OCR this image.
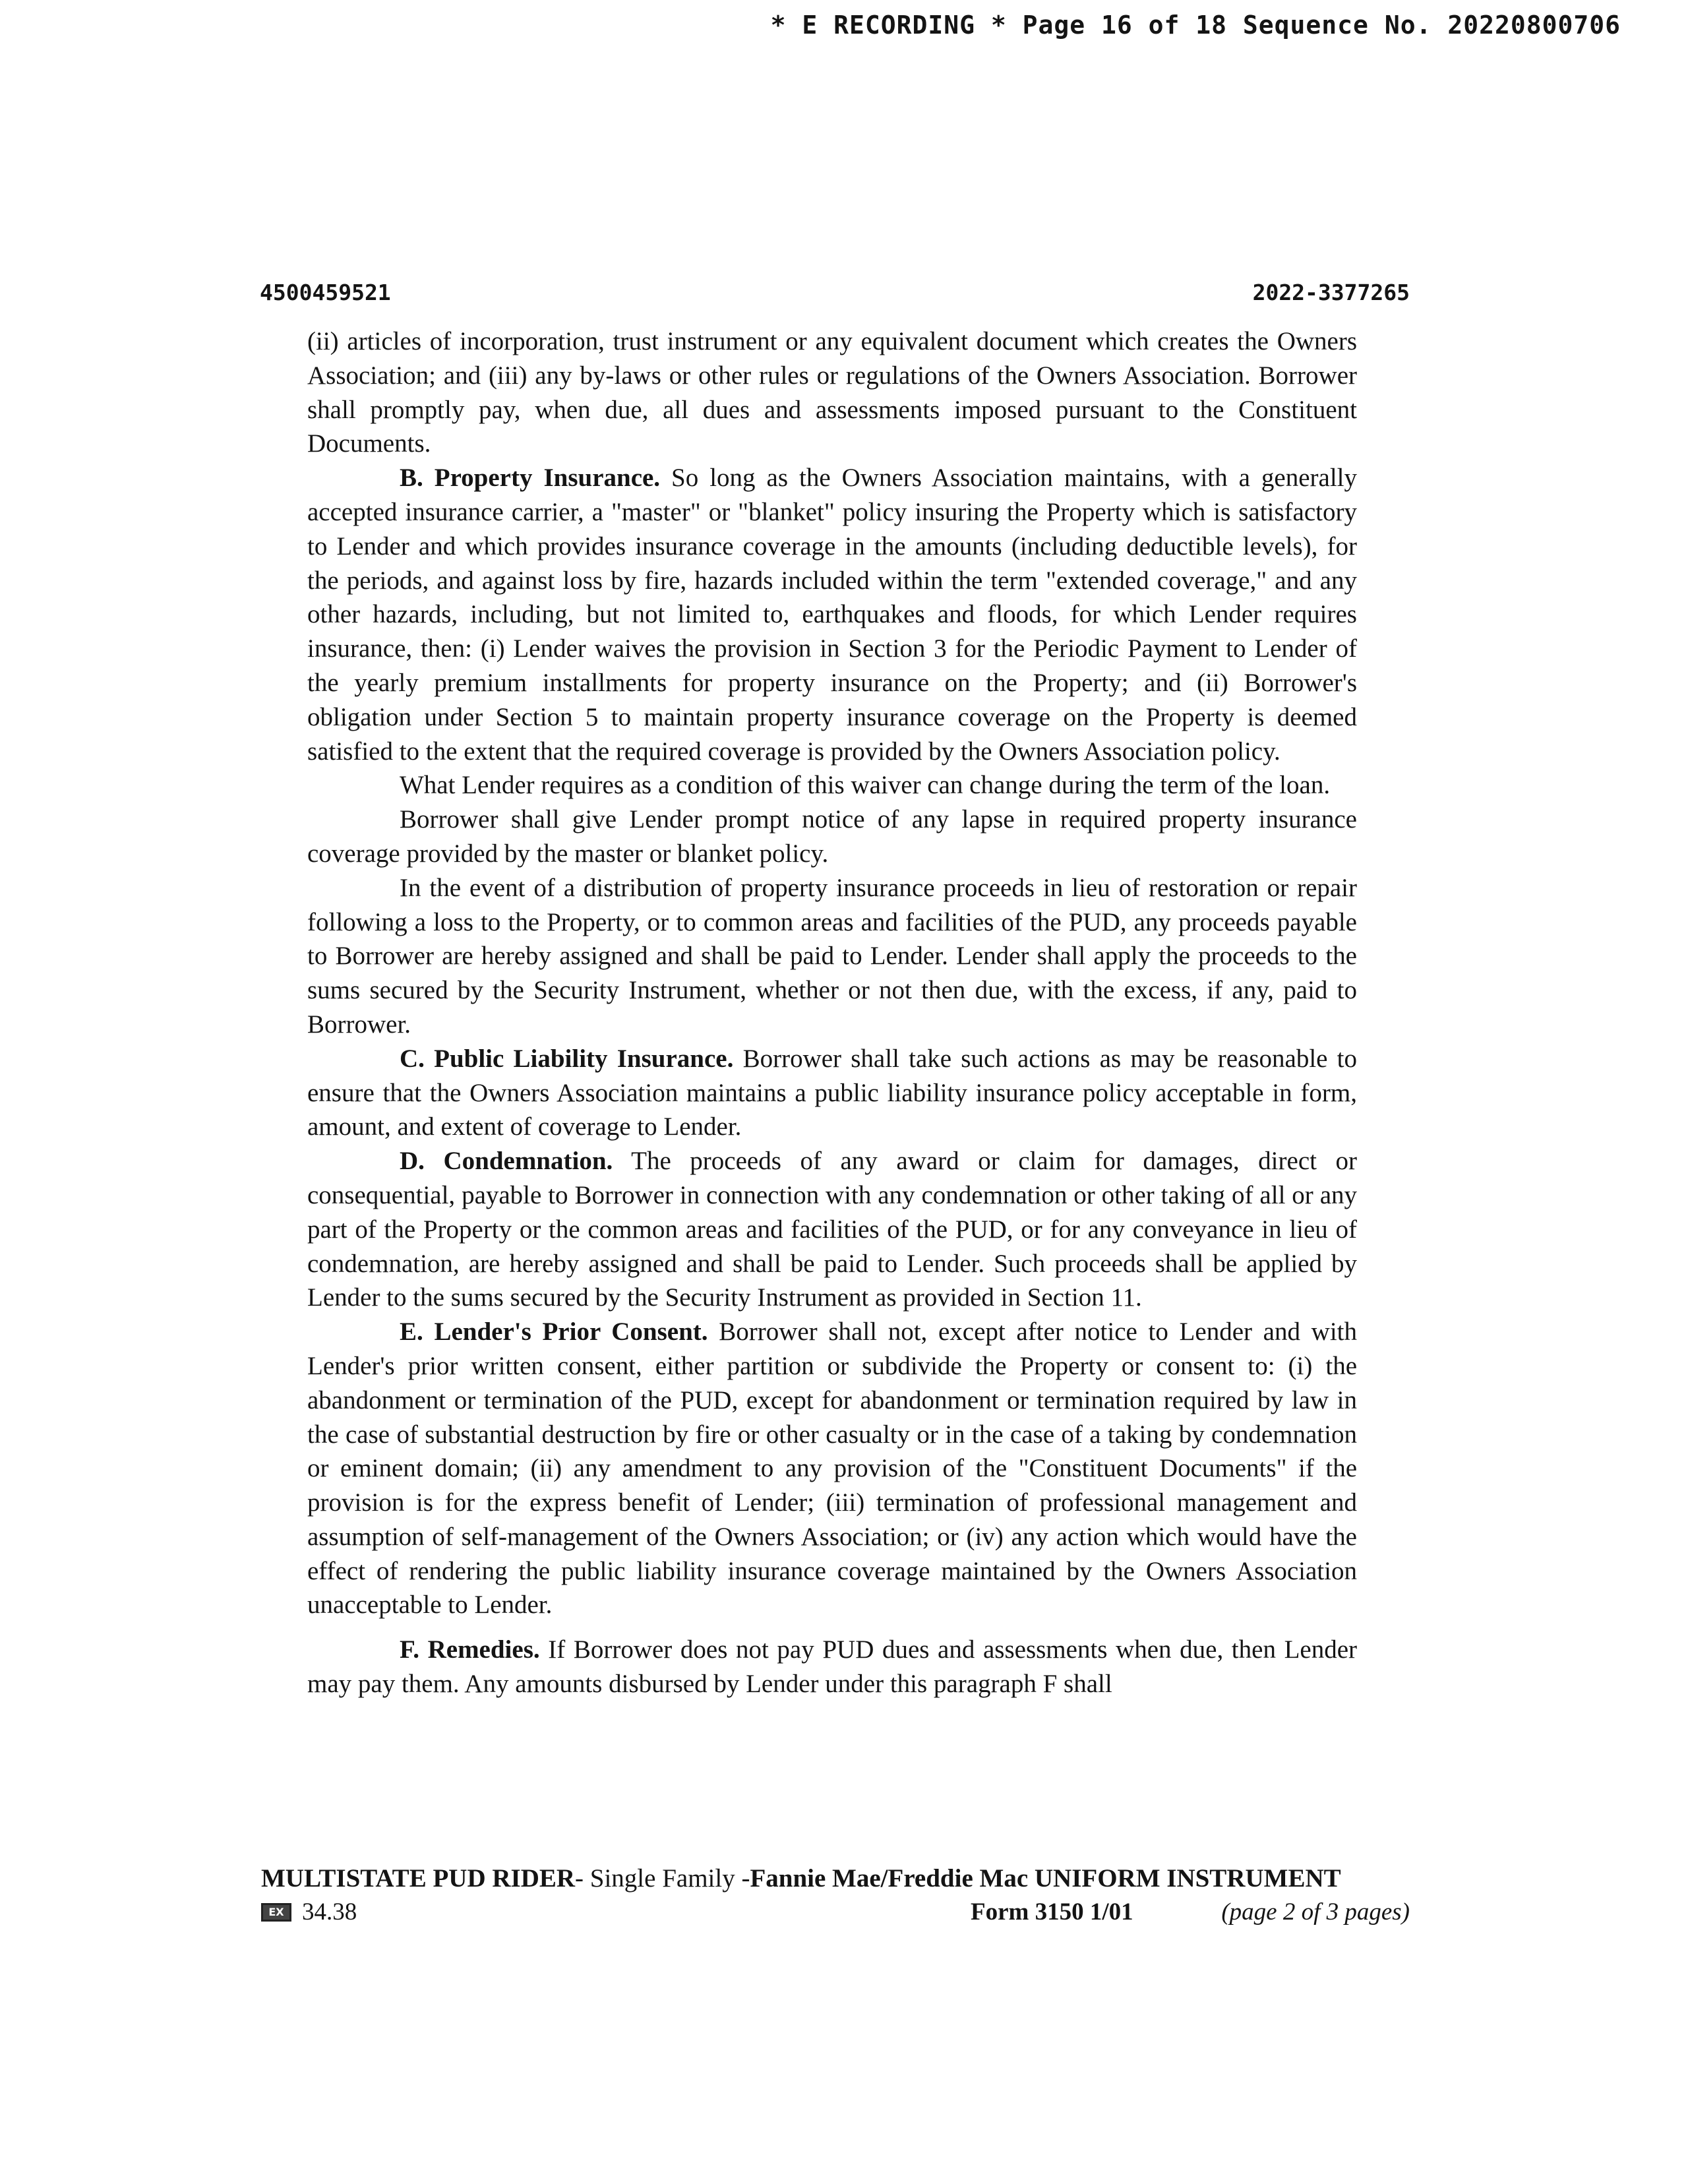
* E RECORDING * Page 16 of 18 Sequence No. 20220800706
4500459521	2022-3377265

(ii) articles of incorporation, trust instrument or any equivalent document which creates the Owners Association; and (iii) any by-laws or other rules or regulations of the Owners Association. Borrower shall promptly pay, when due, all dues and assessments imposed pursuant to the Constituent Documents.

B. Property Insurance. So long as the Owners Association maintains, with a generally accepted insurance carrier, a "master" or "blanket" policy insuring the Property which is satisfactory to Lender and which provides insurance coverage in the amounts (including deductible levels), for the periods, and against loss by fire, hazards included within the term "extended coverage," and any other hazards, including, but not limited to, earthquakes and floods, for which Lender requires insurance, then: (i) Lender waives the provision in Section 3 for the Periodic Payment to Lender of the yearly premium installments for property insurance on the Property; and (ii) Borrower's obligation under Section 5 to maintain property insurance coverage on the Property is deemed satisfied to the extent that the required coverage is provided by the Owners Association policy.

What Lender requires as a condition of this waiver can change during the term of the loan.

Borrower shall give Lender prompt notice of any lapse in required property insurance coverage provided by the master or blanket policy.

In the event of a distribution of property insurance proceeds in lieu of restoration or repair following a loss to the Property, or to common areas and facilities of the PUD, any proceeds payable to Borrower are hereby assigned and shall be paid to Lender. Lender shall apply the proceeds to the sums secured by the Security Instrument, whether or not then due, with the excess, if any, paid to Borrower.

C. Public Liability Insurance. Borrower shall take such actions as may be reasonable to ensure that the Owners Association maintains a public liability insurance policy acceptable in form, amount, and extent of coverage to Lender.

D. Condemnation. The proceeds of any award or claim for damages, direct or consequential, payable to Borrower in connection with any condemnation or other taking of all or any part of the Property or the common areas and facilities of the PUD, or for any conveyance in lieu of condemnation, are hereby assigned and shall be paid to Lender. Such proceeds shall be applied by Lender to the sums secured by the Security Instrument as provided in Section 11.

E. Lender's Prior Consent. Borrower shall not, except after notice to Lender and with Lender's prior written consent, either partition or subdivide the Property or consent to: (i) the abandonment or termination of the PUD, except for abandonment or termination required by law in the case of substantial destruction by fire or other casualty or in the case of a taking by condemnation or eminent domain; (ii) any amendment to any provision of the "Constituent Documents" if the provision is for the express benefit of Lender; (iii) termination of professional management and assumption of self-management of the Owners Association; or (iv) any action which would have the effect of rendering the public liability insurance coverage maintained by the Owners Association unacceptable to Lender.

F. Remedies. If Borrower does not pay PUD dues and assessments when due, then Lender may pay them. Any amounts disbursed by Lender under this paragraph F shall

MULTISTATE PUD RIDER- Single Family -Fannie Mae/Freddie Mac UNIFORM INSTRUMENT
EX 34.38	Form 3150 1/01	(page 2 of 3 pages)
